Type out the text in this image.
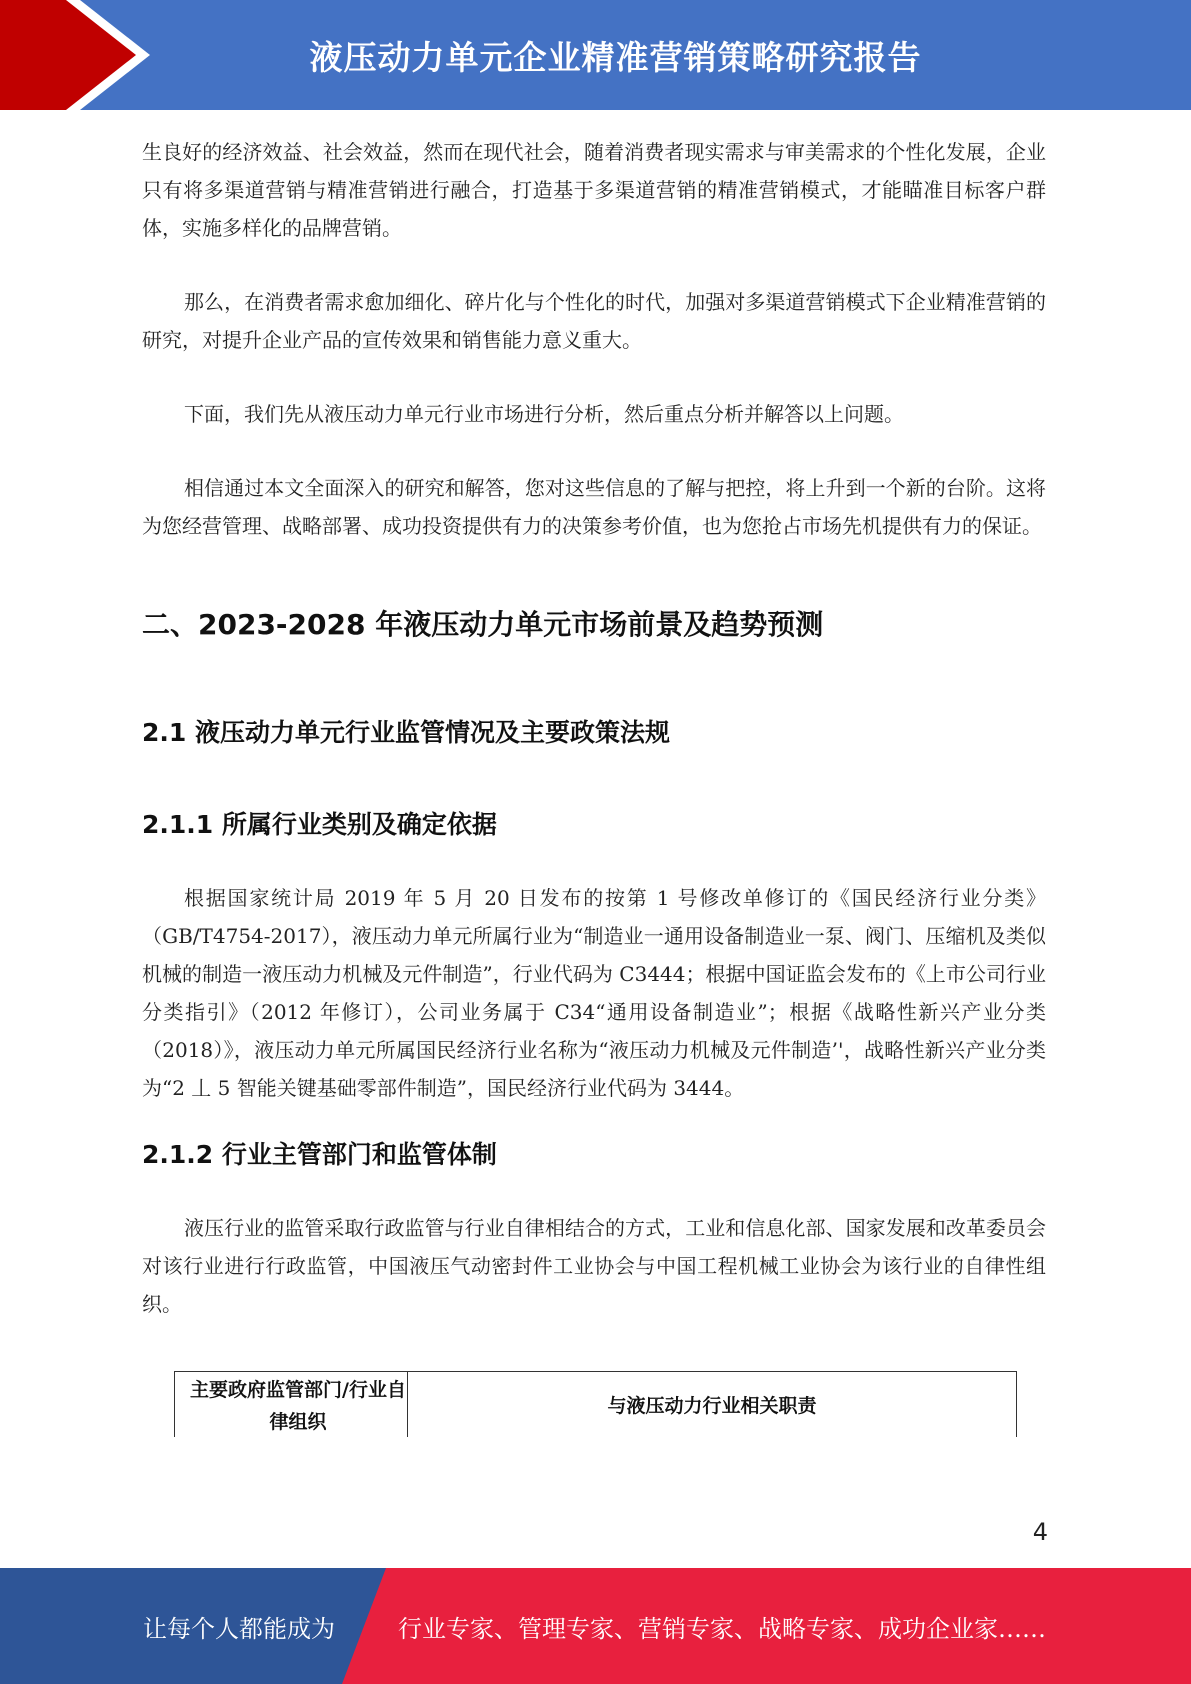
液压动力单元企业精准营销策略研究报告

生良好的经济效益、社会效益，然而在现代社会，随着消费者现实需求与审美需求的个性化发展，企业只有将多渠道营销与精准营销进行融合，打造基于多渠道营销的精准营销模式，才能瞄准目标客户群体，实施多样化的品牌营销。

那么，在消费者需求愈加细化、碎片化与个性化的时代，加强对多渠道营销模式下企业精准营销的研究，对提升企业产品的宣传效果和销售能力意义重大。

下面，我们先从液压动力单元行业市场进行分析，然后重点分析并解答以上问题。

相信通过本文全面深入的研究和解答，您对这些信息的了解与把控，将上升到一个新的台阶。这将为您经营管理、战略部署、成功投资提供有力的决策参考价值，也为您抢占市场先机提供有力的保证。

二、2023-2028 年液压动力单元市场前景及趋势预测
2.1 液压动力单元行业监管情况及主要政策法规
2.1.1 所属行业类别及确定依据

根据国家统计局 2019 年 5 月 20 日发布的按第 1 号修改单修订的《国民经济行业分类》（GB/T4754-2017），液压动力单元所属行业为“制造业一通用设备制造业一泵、阀门、压缩机及类似机械的制造一液压动力机械及元件制造”，行业代码为 C3444；根据中国证监会发布的《上市公司行业分类指引》（2012 年修订），公司业务属于 C34“通用设备制造业”；根据《战略性新兴产业分类（2018）》，液压动力单元所属国民经济行业名称为“液压动力机械及元件制造’'，战略性新兴产业分类为“2 丄 5 智能关键基础零部件制造”，国民经济行业代码为 3444。

2.1.2 行业主管部门和监管体制

液压行业的监管采取行政监管与行业自律相结合的方式，工业和信息化部、国家发展和改革委员会对该行业进行行政监管，中国液压气动密封件工业协会与中国工程机械工业协会为该行业的自律性组织。

主要政府监管部门/行业自律组织
与液压动力行业相关职责
4
让每个人都能成为	行业专家、管理专家、营销专家、战略专家、成功企业家……
